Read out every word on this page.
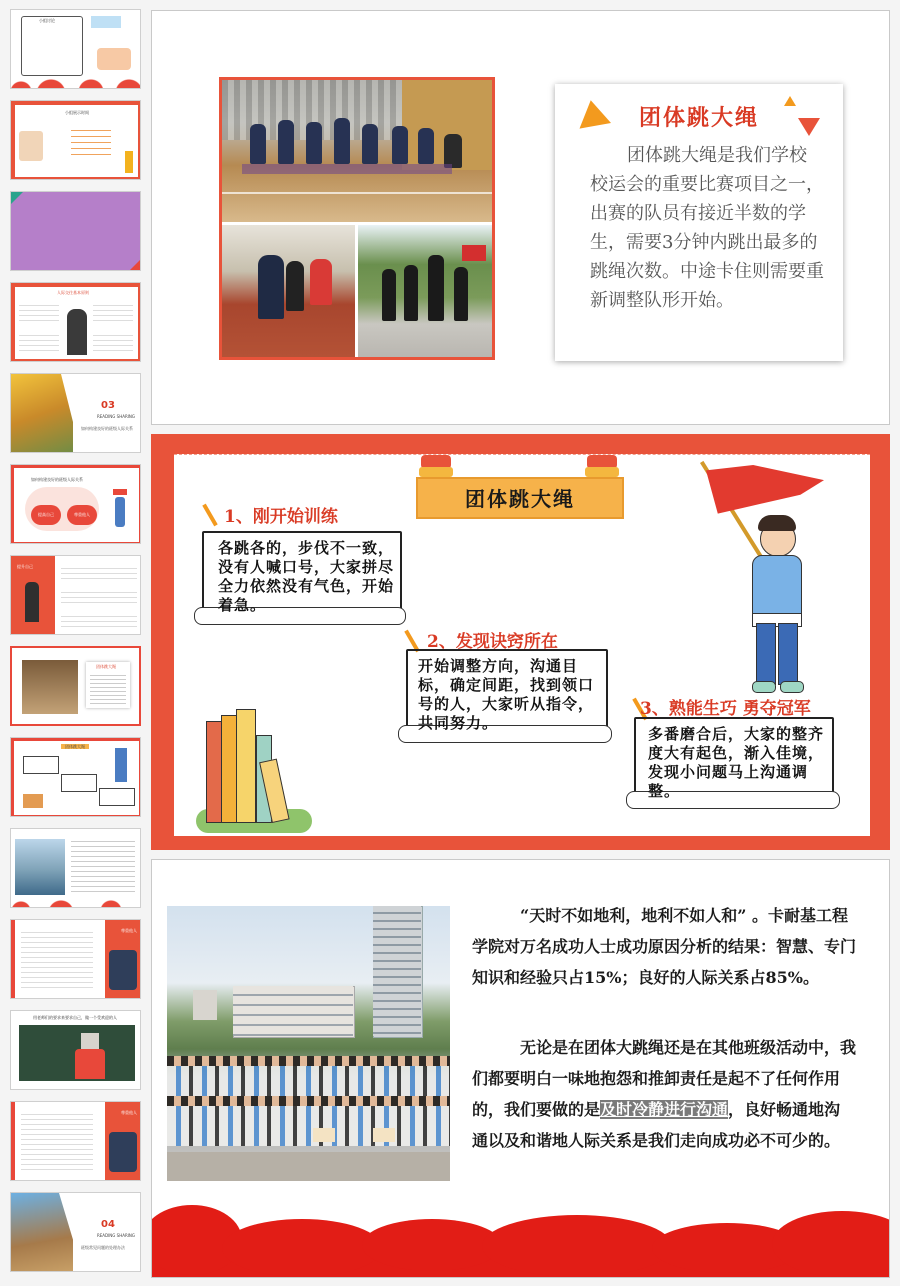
小组讨论
小组展示时间
人际交往基本原则
03
READING SHARING
如何构建良好的班级人际关系
如何构建良好的班级人际关系
提高自己	尊重他人
提升自己
团体跳大绳
团体跳大绳
尊重他人
用老师们的要求来要求自己，做一个受欢迎的人
尊重他人
04
READING SHARING
班级常见问题的处理办法
团体跳大绳
团体跳大绳是我们学校校运会的重要比赛项目之一，出赛的队员有接近半数的学生，需要3分钟内跳出最多的跳绳次数。中途卡住则需要重新调整队形开始。
团体跳大绳
1、刚开始训练
各跳各的，步伐不一致，没有人喊口号，大家拼尽全力依然没有气色，开始着急。
2、发现诀窍所在
开始调整方向，沟通目标，确定间距，找到领口号的人，大家听从指令，共同努力。
3、熟能生巧 勇夺冠军
多番磨合后，大家的整齐度大有起色，渐入佳境，发现小问题马上沟通调整。
“天时不如地利，地利不如人和” 。卡耐基工程学院对万名成功人士成功原因分析的结果：智慧、专门知识和经验只占15%；良好的人际关系占85%。
无论是在团体大跳绳还是在其他班级活动中，我们都要明白一味地抱怨和推卸责任是起不了任何作用的，我们要做的是及时冷静进行沟通，良好畅通地沟通以及和谐地人际关系是我们走向成功必不可少的。
